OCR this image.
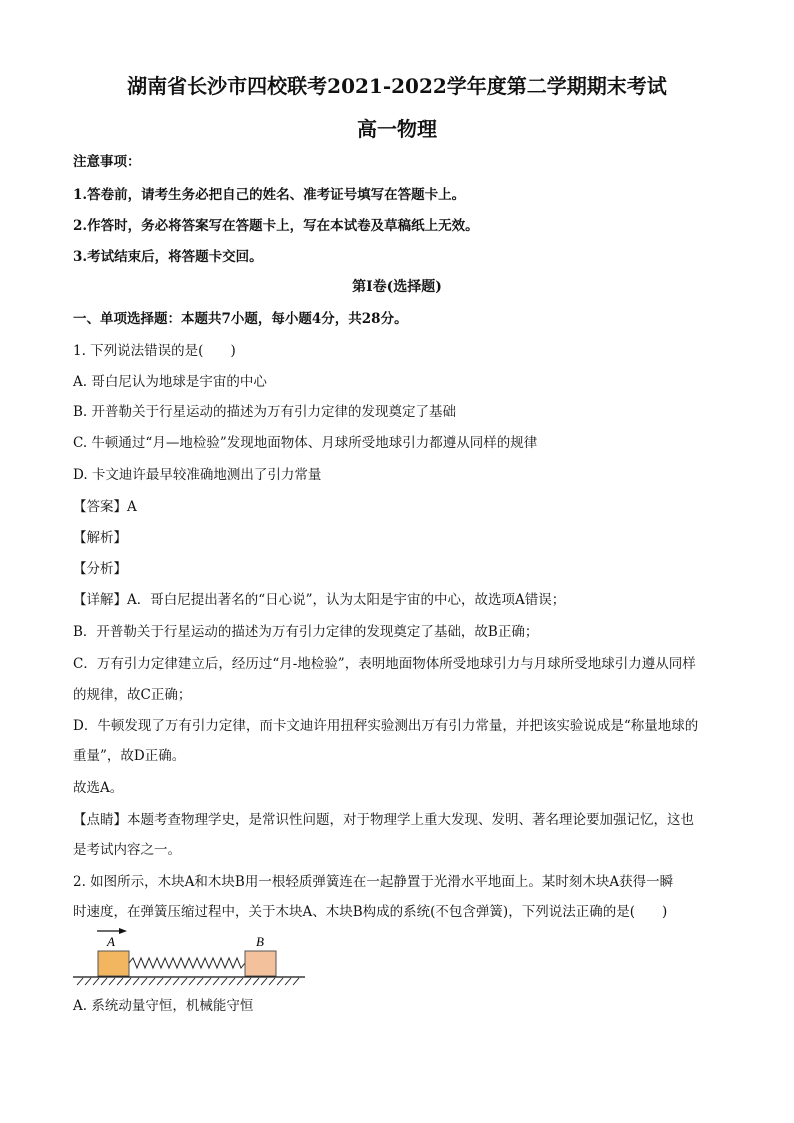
湖南省长沙市四校联考2021-2022学年度第二学期期末考试
高一物理
注意事项：
1.答卷前，请考生务必把自己的姓名、准考证号填写在答题卡上。
2.作答时，务必将答案写在答题卡上，写在本试卷及草稿纸上无效。
3.考试结束后，将答题卡交回。
第Ⅰ卷(选择题)
一、单项选择题：本题共7小题，每小题4分，共28分。
1. 下列说法错误的是(　　)
A. 哥白尼认为地球是宇宙的中心
B. 开普勒关于行星运动的描述为万有引力定律的发现奠定了基础
C. 牛顿通过“月—地检验”发现地面物体、月球所受地球引力都遵从同样的规律
D. 卡文迪许最早较准确地测出了引力常量
【答案】A
【解析】
【分析】
【详解】A．哥白尼提出著名的“日心说”，认为太阳是宇宙的中心，故选项A错误；
B．开普勒关于行星运动的描述为万有引力定律的发现奠定了基础，故B正确；
C．万有引力定律建立后，经历过“月-地检验”，表明地面物体所受地球引力与月球所受地球引力遵从同样
的规律，故C正确；
D．牛顿发现了万有引力定律，而卡文迪许用扭秤实验测出万有引力常量，并把该实验说成是“称量地球的
重量”，故D正确。
故选A。
【点睛】本题考查物理学史，是常识性问题，对于物理学上重大发现、发明、著名理论要加强记忆，这也
是考试内容之一。
2. 如图所示，木块A和木块B用一根轻质弹簧连在一起静置于光滑水平地面上。某时刻木块A获得一瞬
时速度，在弹簧压缩过程中，关于木块A、木块B构成的系统(不包含弹簧)，下列说法正确的是(　　)
A	B
A. 系统动量守恒，机械能守恒
